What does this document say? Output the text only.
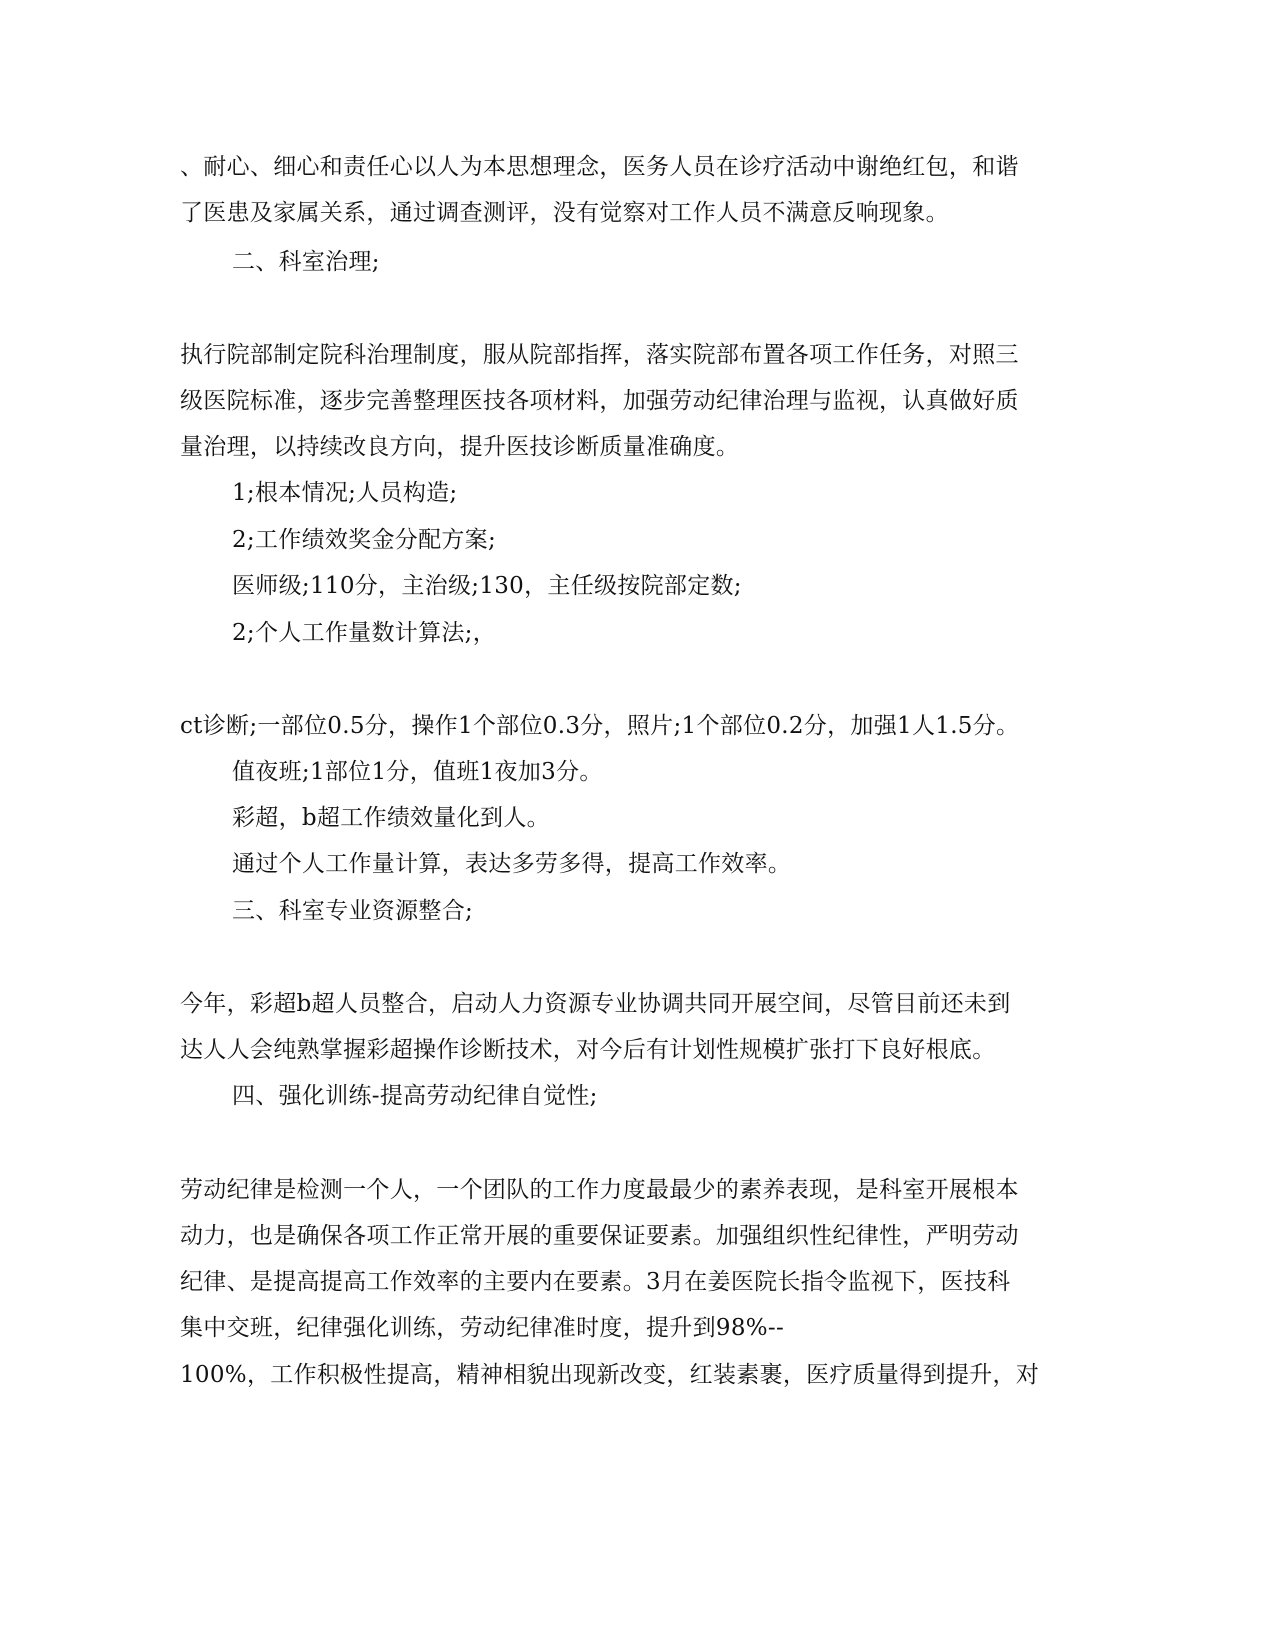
、耐心、细心和责任心以人为本思想理念，医务人员在诊疗活动中谢绝红包，和谐
了医患及家属关系，通过调查测评，没有觉察对工作人员不满意反响现象。
二、科室治理;
执行院部制定院科治理制度，服从院部指挥，落实院部布置各项工作任务，对照三
级医院标准，逐步完善整理医技各项材料，加强劳动纪律治理与监视，认真做好质
量治理，以持续改良方向，提升医技诊断质量准确度。
1;根本情况;人员构造;
2;工作绩效奖金分配方案;
医师级;110分，主治级;130，主任级按院部定数;
2;个人工作量数计算法;，
ct诊断;一部位0.5分，操作1个部位0.3分，照片;1个部位0.2分，加强1人1.5分。
值夜班;1部位1分，值班1夜加3分。
彩超，b超工作绩效量化到人。
通过个人工作量计算，表达多劳多得，提高工作效率。
三、科室专业资源整合;
今年，彩超b超人员整合，启动人力资源专业协调共同开展空间，尽管目前还未到
达人人会纯熟掌握彩超操作诊断技术，对今后有计划性规模扩张打下良好根底。
四、强化训练-提高劳动纪律自觉性;
劳动纪律是检测一个人，一个团队的工作力度最最少的素养表现，是科室开展根本
动力，也是确保各项工作正常开展的重要保证要素。加强组织性纪律性，严明劳动
纪律、是提高提高工作效率的主要内在要素。3月在姜医院长指令监视下，医技科
集中交班，纪律强化训练，劳动纪律准时度，提升到98%--
100%，工作积极性提高，精神相貌出现新改变，红装素裹，医疗质量得到提升，对
